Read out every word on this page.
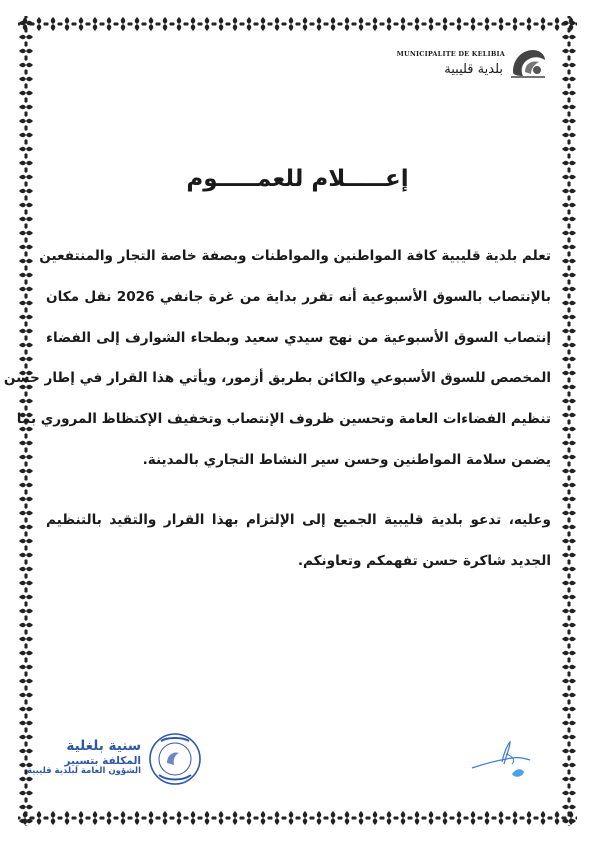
MUNICIPALITE DE KELIBIA
بلدية قليبية
إعـــــلام للعمـــــوم
تعلم بلدية قليبية كافة المواطنين والمواطنات وبصفة خاصة التجار والمنتفعين
بالإنتصاب بالسوق الأسبوعية أنه تقرر بداية من غرة جانفي 2026 نقل مكان
إنتصاب السوق الأسبوعية من نهج سيدي سعيد وبطحاء الشوارف إلى الفضاء
المخصص للسوق الأسبوعي والكائن بطريق أزمور، ويأتي هذا القرار في إطار حسن
تنظيم الفضاءات العامة وتحسين ظروف الإنتصاب وتخفيف الإكتظاظ المروري بما
يضمن سلامة المواطنين وحسن سير النشاط التجاري بالمدينة.
وعليه، تدعو بلدية قليبية الجميع إلى الإلتزام بهذا القرار والتقيد بالتنظيم
الجديد شاكرة حسن تفهمكم وتعاونكم.
سنية بلغلية
المكلفة بتسيير
الشؤون العامة لبلدية قليبية
